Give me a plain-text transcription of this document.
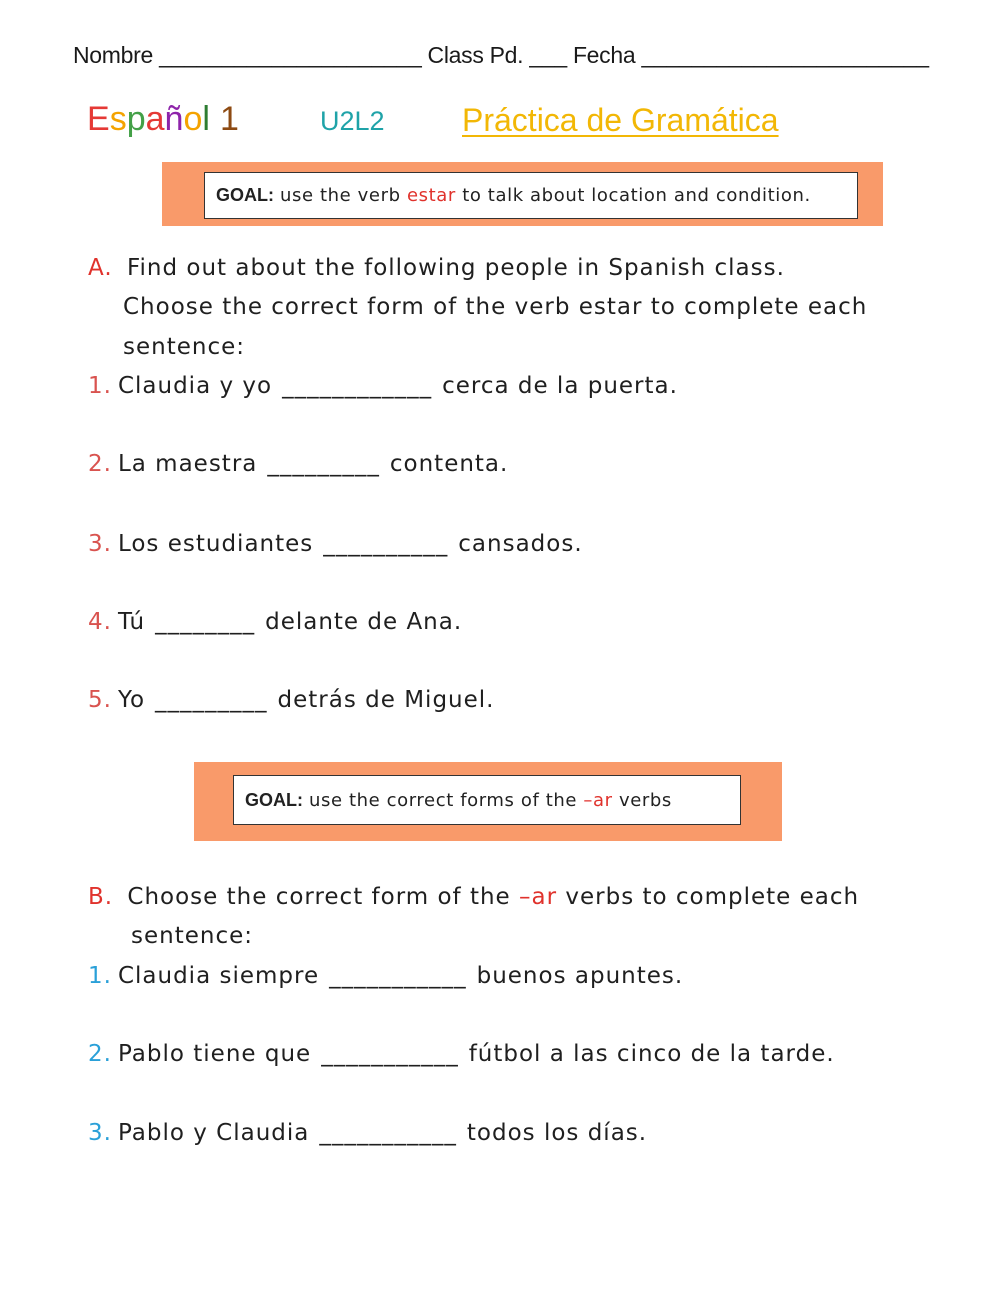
Nombre _____________________ Class Pd. ___ Fecha _______________________
Español 1	U2L2 Práctica de Gramática
GOAL: use the verb
estar
to talk about location and condition.
A. Find out about the following people in Spanish class.
Choose the correct form of the verb estar to complete each
sentence:
1. Claudia y yo ____________ cerca de la puerta.
2. La maestra _________ contenta.
3. Los estudiantes __________ cansados.
4. Tú ________ delante de Ana.
5. Yo _________ detrás de Miguel.
GOAL: use the correct forms of the
–ar
verbs
B. Choose the correct form of the –ar verbs to complete each
sentence:
1. Claudia siempre ___________ buenos apuntes.
2. Pablo tiene que ___________ fútbol a las cinco de la tarde.
3. Pablo y Claudia ___________ todos los días.
